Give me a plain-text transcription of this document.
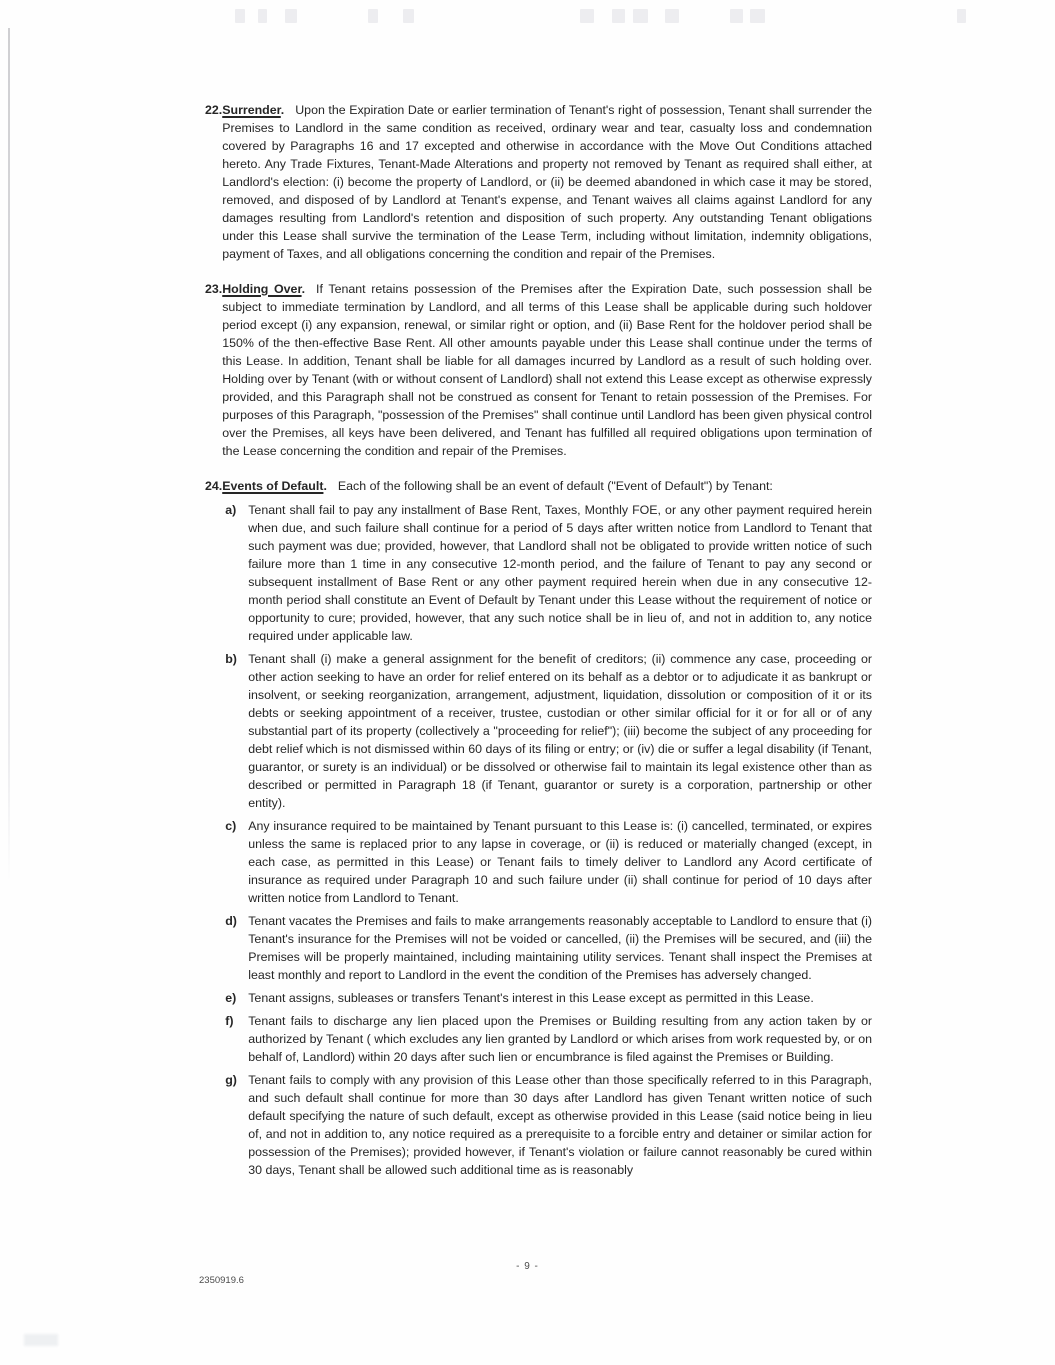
22. Surrender. Upon the Expiration Date or earlier termination of Tenant's right of possession, Tenant shall surrender the Premises to Landlord in the same condition as received, ordinary wear and tear, casualty loss and condemnation covered by Paragraphs 16 and 17 excepted and otherwise in accordance with the Move Out Conditions attached hereto. Any Trade Fixtures, Tenant-Made Alterations and property not removed by Tenant as required shall either, at Landlord's election: (i) become the property of Landlord, or (ii) be deemed abandoned in which case it may be stored, removed, and disposed of by Landlord at Tenant's expense, and Tenant waives all claims against Landlord for any damages resulting from Landlord's retention and disposition of such property. Any outstanding Tenant obligations under this Lease shall survive the termination of the Lease Term, including without limitation, indemnity obligations, payment of Taxes, and all obligations concerning the condition and repair of the Premises.
23. Holding Over. If Tenant retains possession of the Premises after the Expiration Date, such possession shall be subject to immediate termination by Landlord, and all terms of this Lease shall be applicable during such holdover period except (i) any expansion, renewal, or similar right or option, and (ii) Base Rent for the holdover period shall be 150% of the then-effective Base Rent. All other amounts payable under this Lease shall continue under the terms of this Lease. In addition, Tenant shall be liable for all damages incurred by Landlord as a result of such holding over. Holding over by Tenant (with or without consent of Landlord) shall not extend this Lease except as otherwise expressly provided, and this Paragraph shall not be construed as consent for Tenant to retain possession of the Premises. For purposes of this Paragraph, "possession of the Premises" shall continue until Landlord has been given physical control over the Premises, all keys have been delivered, and Tenant has fulfilled all required obligations upon termination of the Lease concerning the condition and repair of the Premises.
24. Events of Default. Each of the following shall be an event of default ("Event of Default") by Tenant:
a) Tenant shall fail to pay any installment of Base Rent, Taxes, Monthly FOE, or any other payment required herein when due, and such failure shall continue for a period of 5 days after written notice from Landlord to Tenant that such payment was due; provided, however, that Landlord shall not be obligated to provide written notice of such failure more than 1 time in any consecutive 12-month period, and the failure of Tenant to pay any second or subsequent installment of Base Rent or any other payment required herein when due in any consecutive 12-month period shall constitute an Event of Default by Tenant under this Lease without the requirement of notice or opportunity to cure; provided, however, that any such notice shall be in lieu of, and not in addition to, any notice required under applicable law.
b) Tenant shall (i) make a general assignment for the benefit of creditors; (ii) commence any case, proceeding or other action seeking to have an order for relief entered on its behalf as a debtor or to adjudicate it as bankrupt or insolvent, or seeking reorganization, arrangement, adjustment, liquidation, dissolution or composition of it or its debts or seeking appointment of a receiver, trustee, custodian or other similar official for it or for all or of any substantial part of its property (collectively a "proceeding for relief"); (iii) become the subject of any proceeding for debt relief which is not dismissed within 60 days of its filing or entry; or (iv) die or suffer a legal disability (if Tenant, guarantor, or surety is an individual) or be dissolved or otherwise fail to maintain its legal existence other than as described or permitted in Paragraph 18 (if Tenant, guarantor or surety is a corporation, partnership or other entity).
c) Any insurance required to be maintained by Tenant pursuant to this Lease is: (i) cancelled, terminated, or expires unless the same is replaced prior to any lapse in coverage, or (ii) is reduced or materially changed (except, in each case, as permitted in this Lease) or Tenant fails to timely deliver to Landlord any Acord certificate of insurance as required under Paragraph 10 and such failure under (ii) shall continue for period of 10 days after written notice from Landlord to Tenant.
d) Tenant vacates the Premises and fails to make arrangements reasonably acceptable to Landlord to ensure that (i) Tenant's insurance for the Premises will not be voided or cancelled, (ii) the Premises will be secured, and (iii) the Premises will be properly maintained, including maintaining utility services. Tenant shall inspect the Premises at least monthly and report to Landlord in the event the condition of the Premises has adversely changed.
e) Tenant assigns, subleases or transfers Tenant's interest in this Lease except as permitted in this Lease.
f)	Tenant fails to discharge any lien placed upon the Premises or Building resulting from any action taken by or authorized by Tenant ( which excludes any lien granted by Landlord or which arises from work requested by, or on behalf of, Landlord) within 20 days after such lien or encumbrance is filed against the Premises or Building.
g) Tenant fails to comply with any provision of this Lease other than those specifically referred to in this Paragraph, and such default shall continue for more than 30 days after Landlord has given Tenant written notice of such default specifying the nature of such default, except as otherwise provided in this Lease (said notice being in lieu of, and not in addition to, any notice required as a prerequisite to a forcible entry and detainer or similar action for possession of the Premises); provided however, if Tenant's violation or failure cannot reasonably be cured within 30 days, Tenant shall be allowed such additional time as is reasonably
- 9 -
2350919.6
